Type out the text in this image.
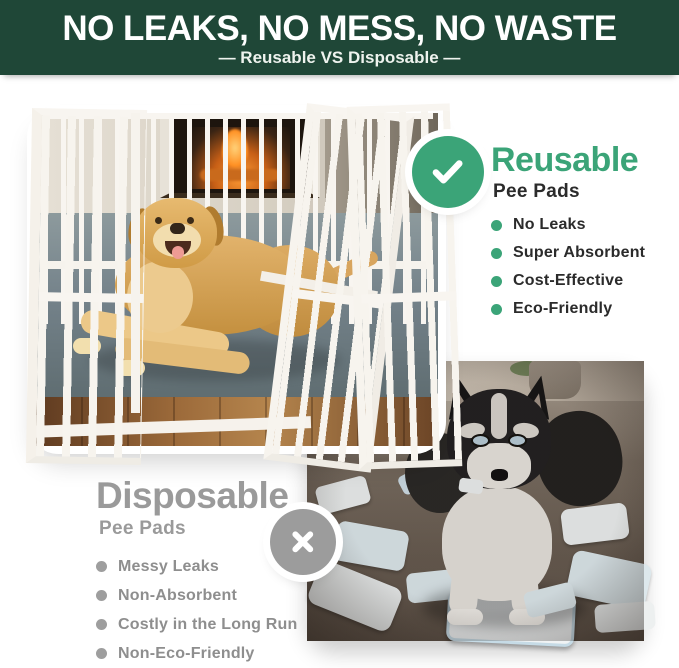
NO LEAKS, NO MESS, NO WASTE
— Reusable VS Disposable —
Reusable
Pee Pads
No Leaks
Super Absorbent
Cost-Effective
Eco-Friendly
Disposable
Pee Pads
Messy Leaks
Non-Absorbent
Costly in the Long Run
Non-Eco-Friendly
